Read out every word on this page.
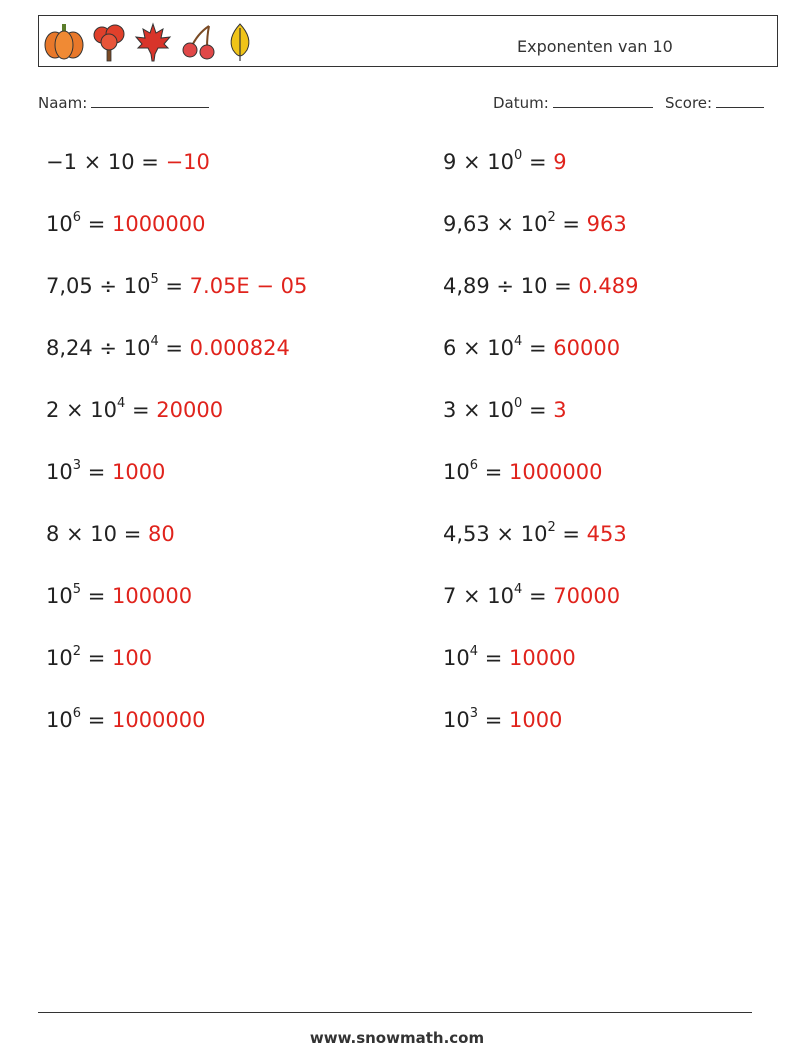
Exponenten van 10
Naam:	Datum:	Score:
−1 × 10 = −10	$9 \times 10^0 = 9$
$10^6 = 1000000$	$9,63 \times 10^2 = 963$
$7,05 \div 10^5 = 7.05E - 05$	4,89 ÷ 10 = 0.489
$8,24 \div 10^4 = 0.000824$	$6 \times 10^4 = 60000$
$2 \times 10^4 = 20000$	$3 \times 10^0 = 3$
$10^3 = 1000$	$10^6 = 1000000$
8 × 10 = 80	$4,53 \times 10^2 = 453$
$10^5 = 100000$	$7 \times 10^4 = 70000$
$10^2 = 100$	$10^4 = 10000$
$10^6 = 1000000$	$10^3 = 1000$
www.snowmath.com
